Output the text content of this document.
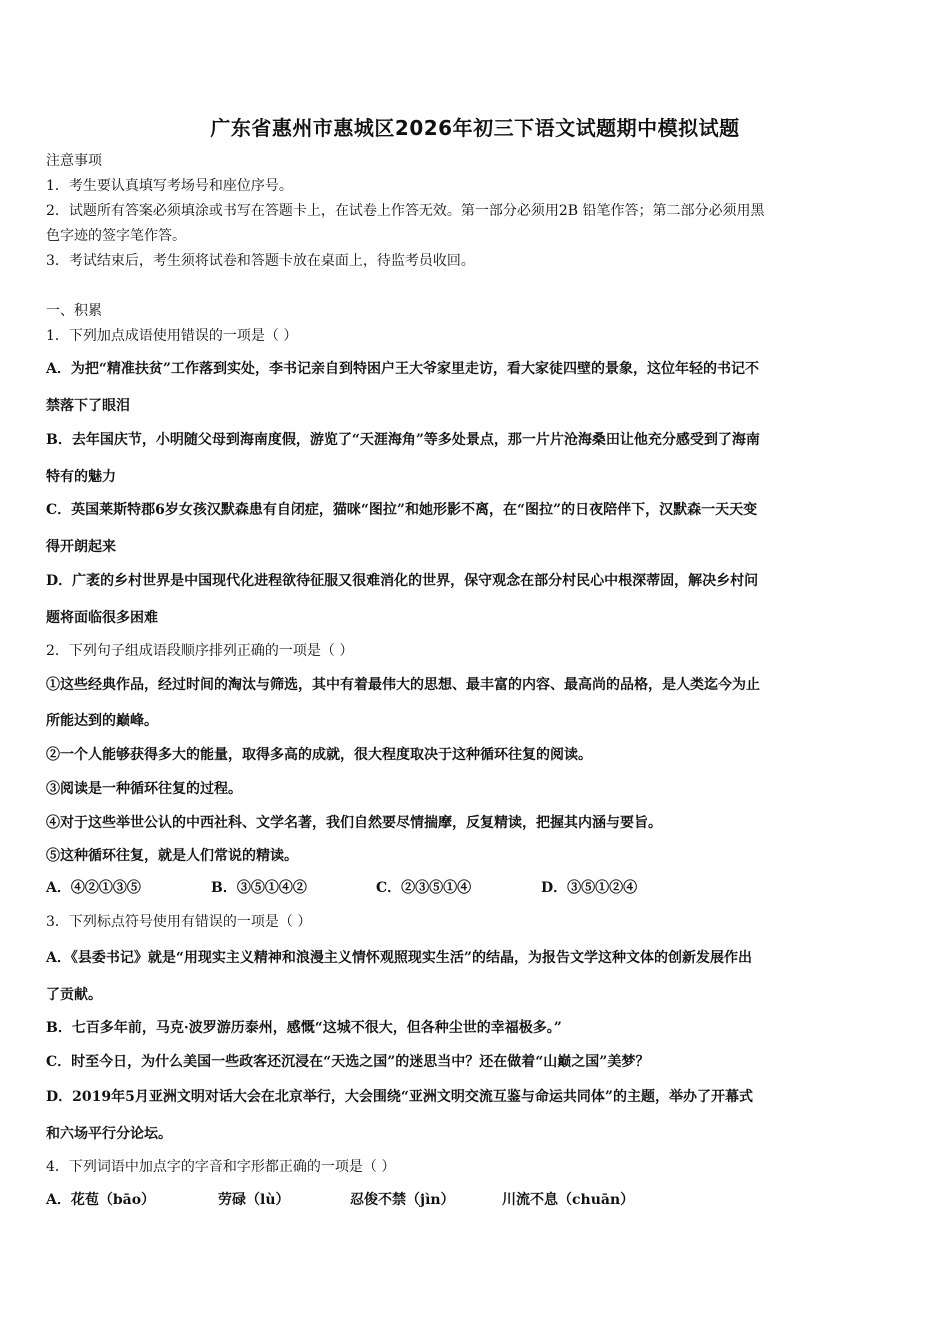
广东省惠州市惠城区2026年初三下语文试题期中模拟试题
注意事项
1．考生要认真填写考场号和座位序号。
2．试题所有答案必须填涂或书写在答题卡上，在试卷上作答无效。第一部分必须用2B 铅笔作答；第二部分必须用黑
色字迹的签字笔作答。
3．考试结束后，考生须将试卷和答题卡放在桌面上，待监考员收回。
一、积累
1．下列加点成语使用错误的一项是（ ）
A．为把“精准扶贫”工作落到实处，李书记亲自到特困户王大爷家里走访，看大家徒四壁的景象，这位年轻的书记不
禁落下了眼泪
B．去年国庆节，小明随父母到海南度假，游览了“天涯海角”等多处景点，那一片片沧海桑田让他充分感受到了海南
特有的魅力
C．英国莱斯特郡6岁女孩汉默森患有自闭症，猫咪“图拉”和她形影不离，在“图拉”的日夜陪伴下，汉默森一天天变
得开朗起来
D．广袤的乡村世界是中国现代化进程欲待征服又很难消化的世界，保守观念在部分村民心中根深蒂固，解决乡村问
题将面临很多困难
2．下列句子组成语段顺序排列正确的一项是（ ）
①这些经典作品，经过时间的淘汰与筛选，其中有着最伟大的思想、最丰富的内容、最高尚的品格，是人类迄今为止
所能达到的巅峰。
②一个人能够获得多大的能量，取得多高的成就，很大程度取决于这种循环往复的阅读。
③阅读是一种循环往复的过程。
④对于这些举世公认的中西社科、文学名著，我们自然要尽情揣摩，反复精读，把握其内涵与要旨。
⑤这种循环往复，就是人们常说的精读。
A．④②①③⑤	B．③⑤①④②	C．②③⑤①④	D．③⑤①②④
3．下列标点符号使用有错误的一项是（ ）
A．《县委书记》就是“用现实主义精神和浪漫主义情怀观照现实生活”的结晶，为报告文学这种文体的创新发展作出
了贡献。
B．七百多年前，马克·波罗游历泰州，感慨“这城不很大，但各种尘世的幸福极多。”
C．时至今日，为什么美国一些政客还沉浸在“天选之国”的迷思当中？还在做着“山巅之国”美梦？
D．2019年5月亚洲文明对话大会在北京举行，大会围绕“亚洲文明交流互鉴与命运共同体”的主题，举办了开幕式
和六场平行分论坛。
4．下列词语中加点字的字音和字形都正确的一项是（ ）
A．花苞（bāo）	劳碌（lù）	忍俊不禁（jìn）	川流不息（chuān）
